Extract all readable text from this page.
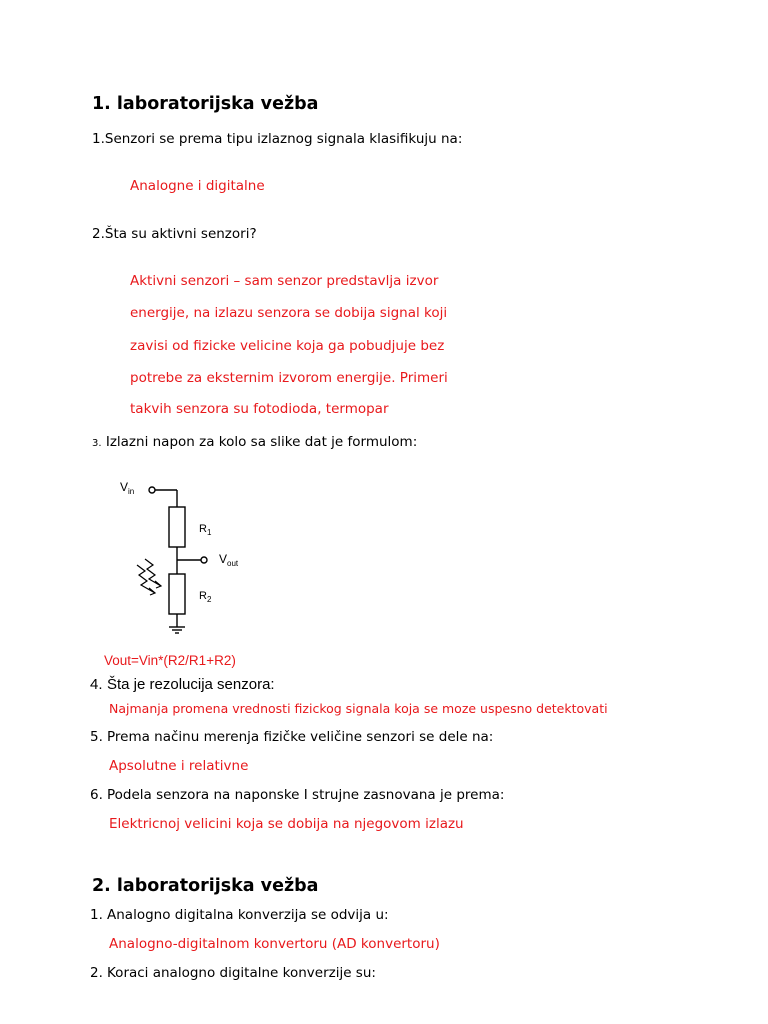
1. laboratorijska vežba
1.Senzori se prema tipu izlaznog signala klasifikuju na:
Analogne i digitalne
2.Šta su aktivni senzori?
Aktivni senzori – sam senzor predstavlja izvor
energije, na izlazu senzora se dobija signal koji
zavisi od fizicke velicine koja ga pobudjuje bez
potrebe za eksternim izvorom energije. Primeri
takvih senzora su fotodioda, termopar
3. Izlazni napon za kolo sa slike dat je formulom:
$V_{in}$
$R_1$
$V_{out}$
$R_2$
Vout=Vin*(R2/R1+R2)
4. Šta je rezolucija senzora:
Najmanja promena vrednosti fizickog signala koja se moze uspesno detektovati
5. Prema načinu merenja fizičke veličine senzori se dele na:
Apsolutne i relativne
6. Podela senzora na naponske I strujne zasnovana je prema:
Elektricnoj velicini koja se dobija na njegovom izlazu
2. laboratorijska vežba
1. Analogno digitalna konverzija se odvija u:
Analogno-digitalnom konvertoru (AD konvertoru)
2. Koraci analogno digitalne konverzije su:
